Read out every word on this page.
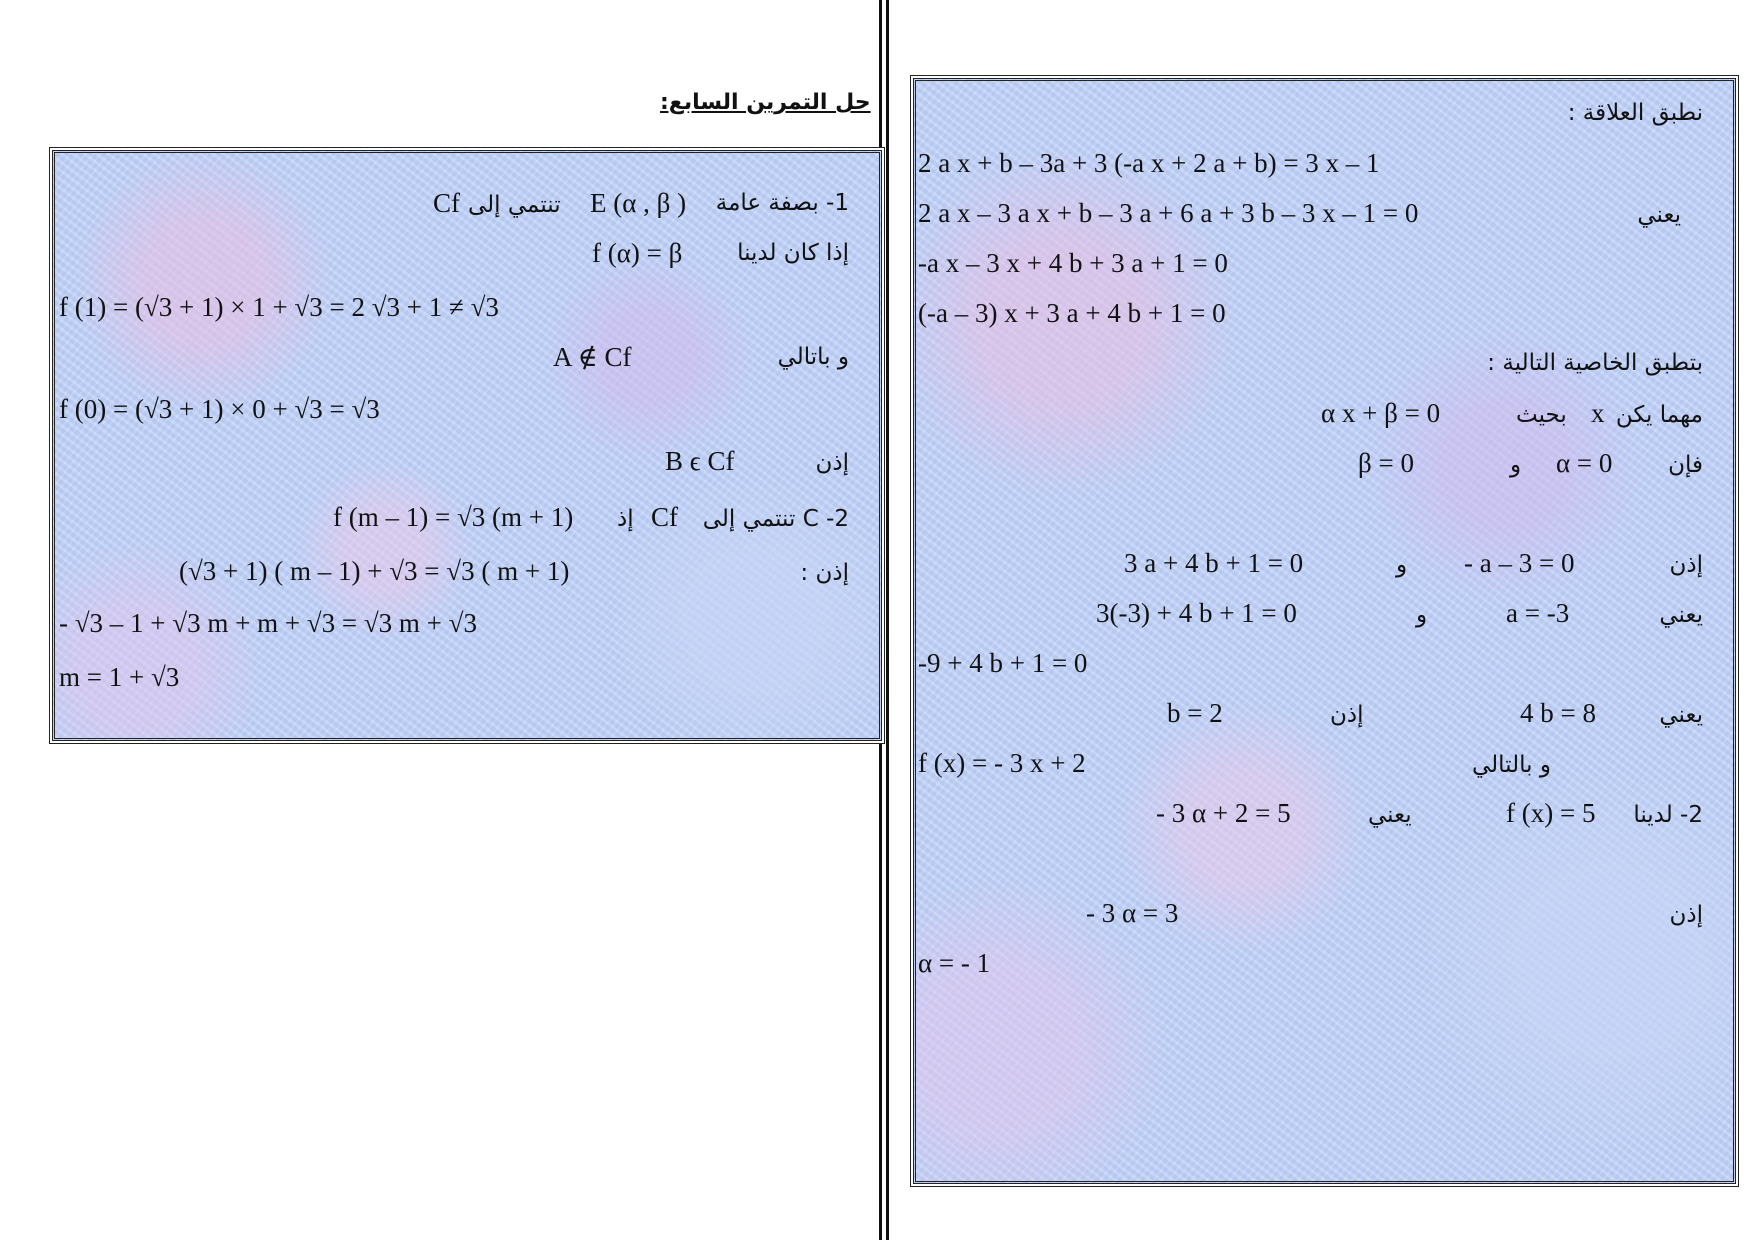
حل التمرين السابع:
1- بصفة عامة
E (α , β )
تنتمي إلى
Cf
إذا كان لدينا
f (α) = β
f (1) = (√3 + 1) × 1 + √3 = 2 √3 + 1 ≠ √3
و باتالي
A ∉ Cf
f (0) = (√3 + 1) × 0 + √3 = √3
إذن
B ϵ Cf
C -2 تنتمي إلى
Cf
إذ
f (m – 1) = √3 (m + 1)
إذن :
(√3 + 1) ( m – 1) + √3 = √3 ( m + 1)
- √3 – 1 + √3 m + m + √3 = √3 m + √3
m = 1 + √3
نطبق العلاقة :
2 a x + b – 3a + 3 (-a x + 2 a + b) = 3 x – 1
يعني
2 a x – 3 a x + b – 3 a + 6 a + 3 b – 3 x – 1 = 0
-a x – 3 x + 4 b + 3 a + 1 = 0
(-a – 3) x + 3 a + 4 b + 1 = 0
بتطبق الخاصية التالية :
مهما يكن
x
بحيث
α x + β = 0
فإن
α = 0
و
β = 0
إذن
- a – 3 = 0
و
3 a + 4 b + 1 = 0
يعني
a = -3
و
3(-3) + 4 b + 1 = 0
-9 + 4 b + 1 = 0
يعني
4 b = 8
إذن
b = 2
و بالتالي
f (x) = - 3 x + 2
2- لدينا
f (x) = 5
يعني
- 3 α + 2 = 5
إذن
- 3 α = 3
α = - 1
